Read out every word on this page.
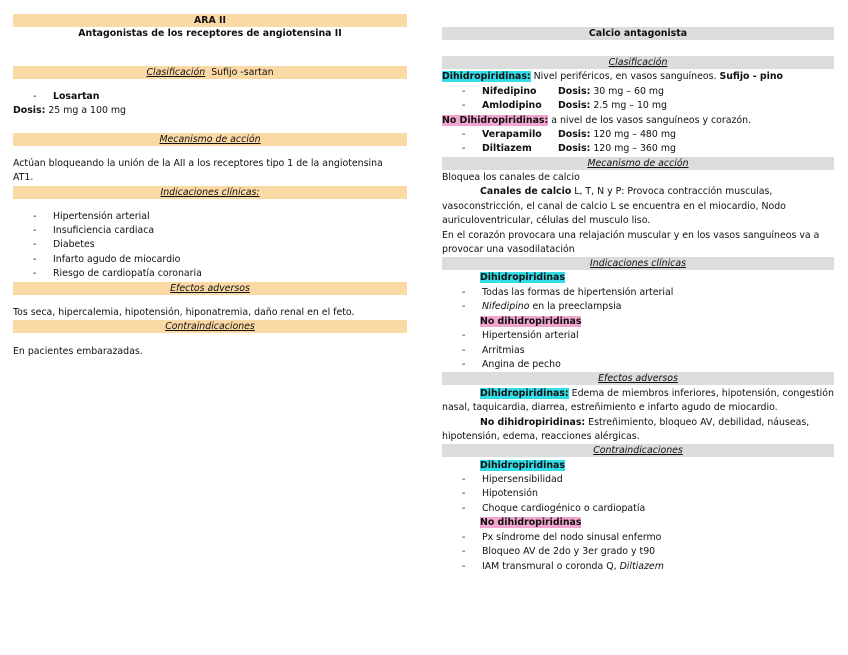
ARA II
Antagonistas de los receptores de angiotensina II
Clasificación Sufijo -sartan
- Losartan
Dosis: 25 mg a 100 mg
Mecanismo de acción
Actúan bloqueando la unión de la AII a los receptores tipo 1 de la angiotensina
AT1.
Indicaciones clínicas:
- Hipertensión arterial
- Insuficiencia cardiaca
- Diabetes
- Infarto agudo de miocardio
- Riesgo de cardiopatía coronaria
Efectos adversos
Tos seca, hipercalemia, hipotensión, hiponatremia, daño renal en el feto.
Contraindicaciones
En pacientes embarazadas.
Calcio antagonista
Clasificación
Dihidropiridinas: Nivel periféricos, en vasos sanguíneos. Sufijo - pino
- Nifedipino Dosis: 30 mg – 60 mg
- Amlodipino Dosis: 2.5 mg – 10 mg
No Dihidropiridinas: a nivel de los vasos sanguíneos y corazón.
- Verapamilo Dosis: 120 mg – 480 mg
- Diltiazem	Dosis: 120 mg – 360 mg
Mecanismo de acción
Bloquea los canales de calcio
Canales de calcio L, T, N y P: Provoca contracción musculas,
vasoconstricción, el canal de calcio L se encuentra en el miocardio, Nodo
auriculoventricular, células del musculo liso.
En el corazón provocara una relajación muscular y en los vasos sanguíneos va a
provocar una vasodilatación
Indicaciones clínicas
Dihidropiridinas
- Todas las formas de hipertensión arterial
- Nifedipino en la preeclampsia
No dihidropiridinas
- Hipertensión arterial
- Arritmias
- Angina de pecho
Efectos adversos
Dihidropiridinas: Edema de miembros inferiores, hipotensión, congestión
nasal, taquicardia, diarrea, estreñimiento e infarto agudo de miocardio.
No dihidropiridinas: Estreñimiento, bloqueo AV, debilidad, náuseas,
hipotensión, edema, reacciones alérgicas.
Contraindicaciones
Dihidropiridinas
- Hipersensibilidad
- Hipotensión
- Choque cardiogénico o cardiopatía
No dihidropiridinas
- Px síndrome del nodo sinusal enfermo
- Bloqueo AV de 2do y 3er grado y t90
- IAM transmural o coronda Q, Diltiazem
